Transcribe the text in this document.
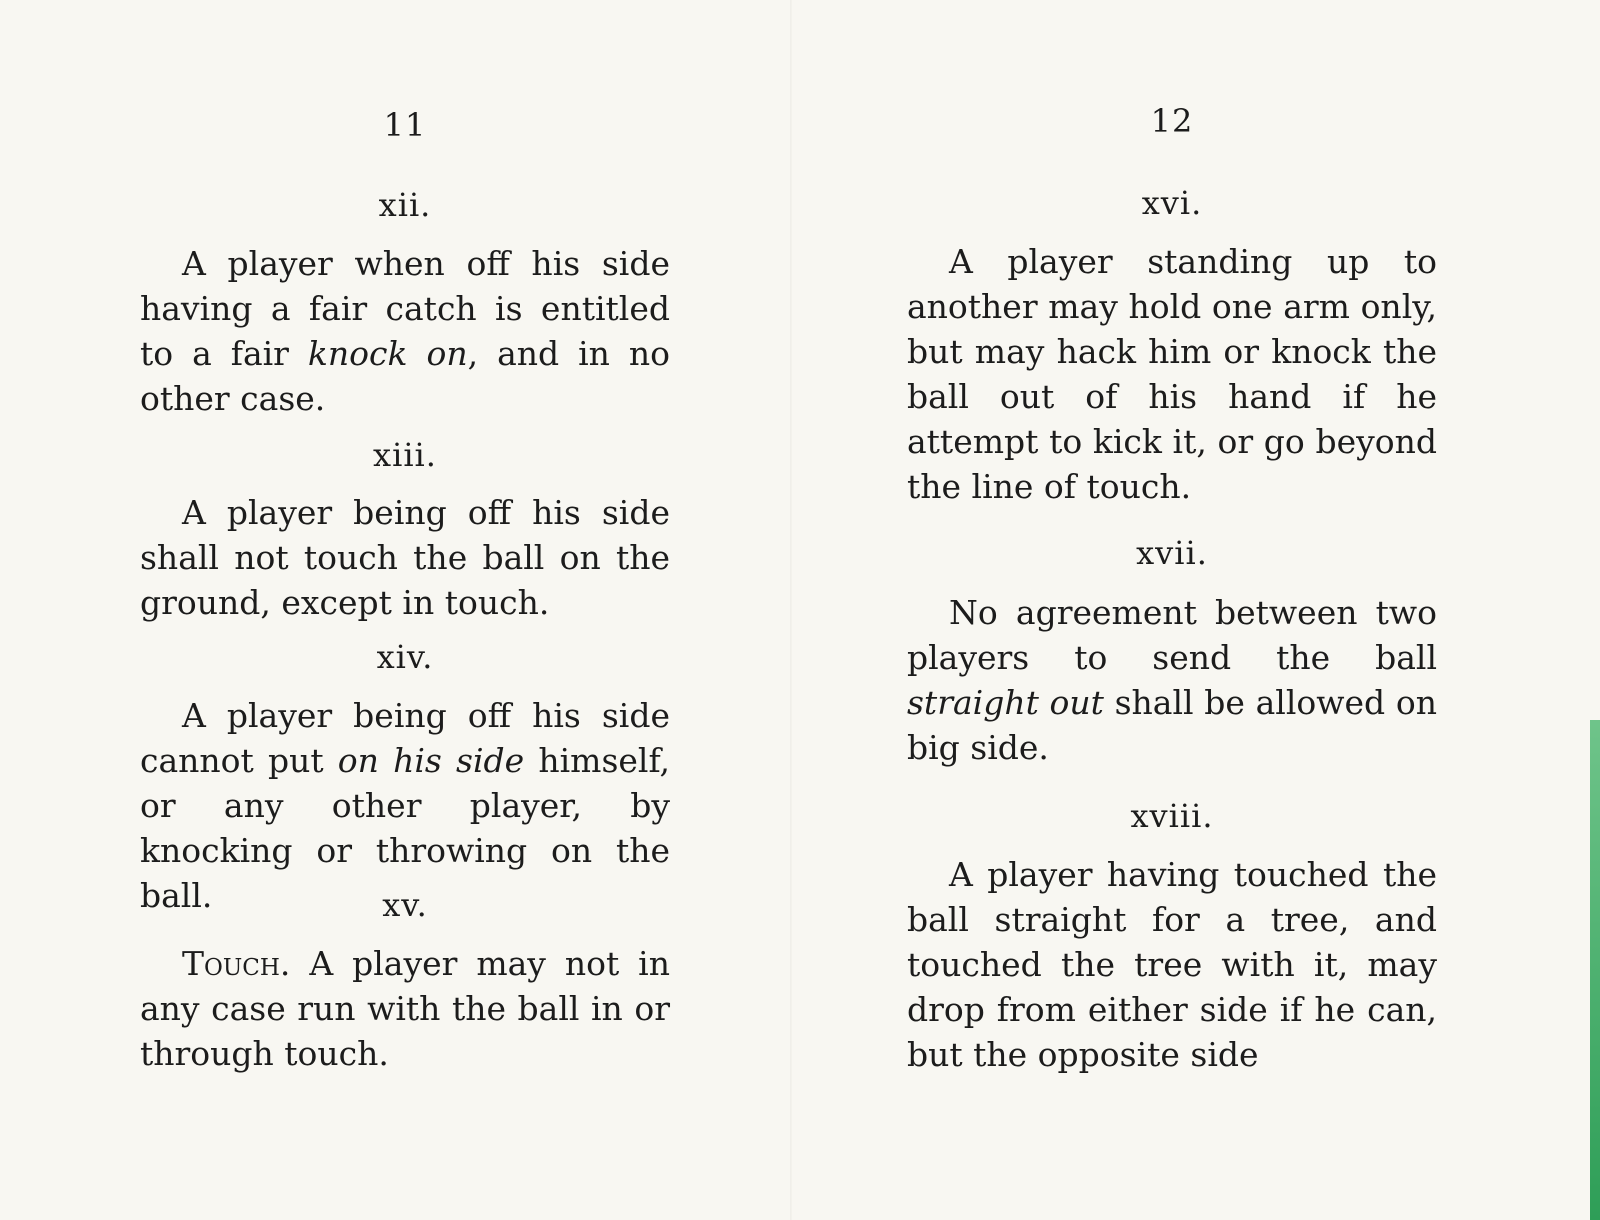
11
xii.
A player when off his side having a fair catch is entitled to a fair knock on, and in no other case.
xiii.
A player being off his side shall not touch the ball on the ground, except in touch.
xiv.
A player being off his side cannot put on his side himself, or any other player, by knocking or throwing on the ball.	xv.
Touch. A player may not in any case run with the ball in or through touch.
12
xvi.
A player standing up to another may hold one arm only, but may hack him or knock the ball out of his hand if he attempt to kick it, or go beyond the line of touch.
xvii.
No agreement between two players to send the ball straight out shall be allowed on big side.
xviii.
A player having touched the ball straight for a tree, and touched the tree with it, may drop from either side if he can, but the opposite side
